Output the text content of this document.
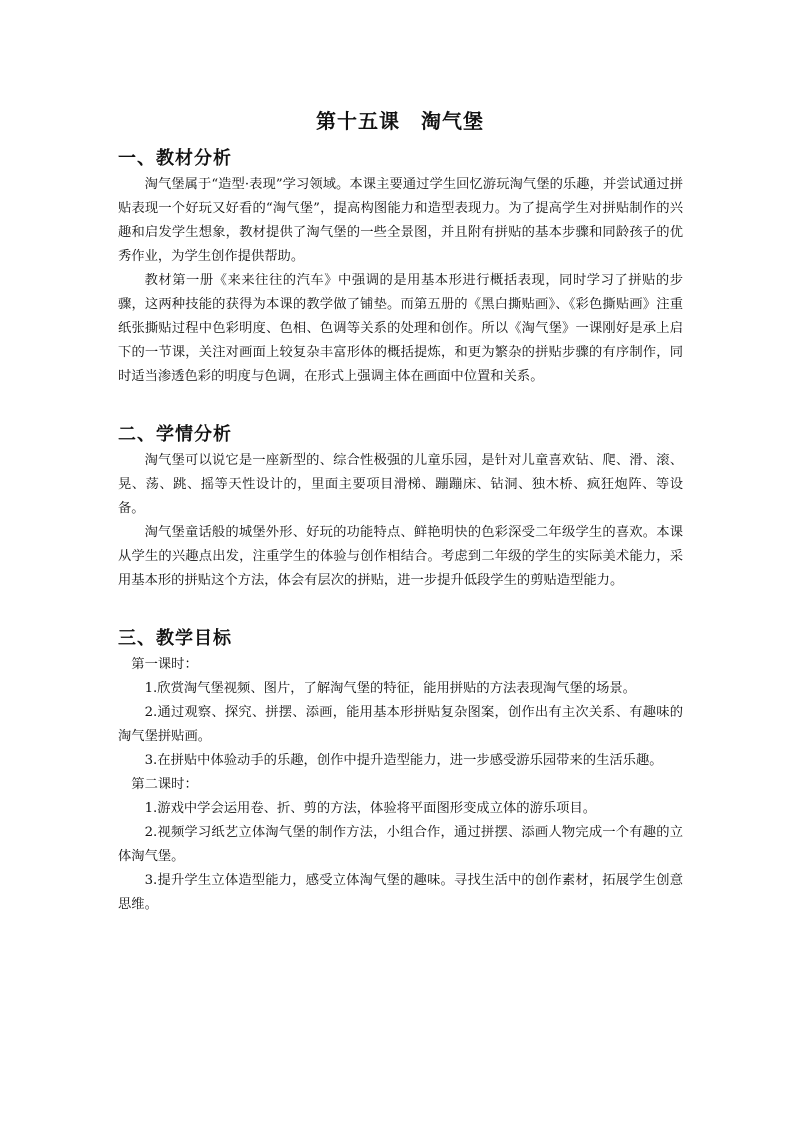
第十五课　淘气堡
一、教材分析

淘气堡属于“造型·表现”学习领域。本课主要通过学生回忆游玩淘气堡的乐趣，并尝试通过拼贴表现一个好玩又好看的“淘气堡”，提高构图能力和造型表现力。为了提高学生对拼贴制作的兴趣和启发学生想象，教材提供了淘气堡的一些全景图，并且附有拼贴的基本步骤和同龄孩子的优秀作业，为学生创作提供帮助。

教材第一册《来来往往的汽车》中强调的是用基本形进行概括表现，同时学习了拼贴的步骤，这两种技能的获得为本课的教学做了铺垫。而第五册的《黑白撕贴画》、《彩色撕贴画》注重纸张撕贴过程中色彩明度、色相、色调等关系的处理和创作。所以《淘气堡》一课刚好是承上启下的一节课，关注对画面上较复杂丰富形体的概括提炼，和更为繁杂的拼贴步骤的有序制作，同时适当渗透色彩的明度与色调，在形式上强调主体在画面中位置和关系。

二、学情分析

淘气堡可以说它是一座新型的、综合性极强的儿童乐园，是针对儿童喜欢钻、爬、滑、滚、晃、荡、跳、摇等天性设计的，里面主要项目滑梯、蹦蹦床、钻洞、独木桥、疯狂炮阵、等设备。

淘气堡童话般的城堡外形、好玩的功能特点、鲜艳明快的色彩深受二年级学生的喜欢。本课从学生的兴趣点出发，注重学生的体验与创作相结合。考虑到二年级的学生的实际美术能力，采用基本形的拼贴这个方法，体会有层次的拼贴，进一步提升低段学生的剪贴造型能力。

三、教学目标

第一课时：

1.欣赏淘气堡视频、图片，了解淘气堡的特征，能用拼贴的方法表现淘气堡的场景。

2.通过观察、探究、拼摆、添画，能用基本形拼贴复杂图案，创作出有主次关系、有趣味的淘气堡拼贴画。

3.在拼贴中体验动手的乐趣，创作中提升造型能力，进一步感受游乐园带来的生活乐趣。

第二课时：

1.游戏中学会运用卷、折、剪的方法，体验将平面图形变成立体的游乐项目。

2.视频学习纸艺立体淘气堡的制作方法，小组合作，通过拼摆、添画人物完成一个有趣的立体淘气堡。

3.提升学生立体造型能力，感受立体淘气堡的趣味。寻找生活中的创作素材，拓展学生创意思维。
